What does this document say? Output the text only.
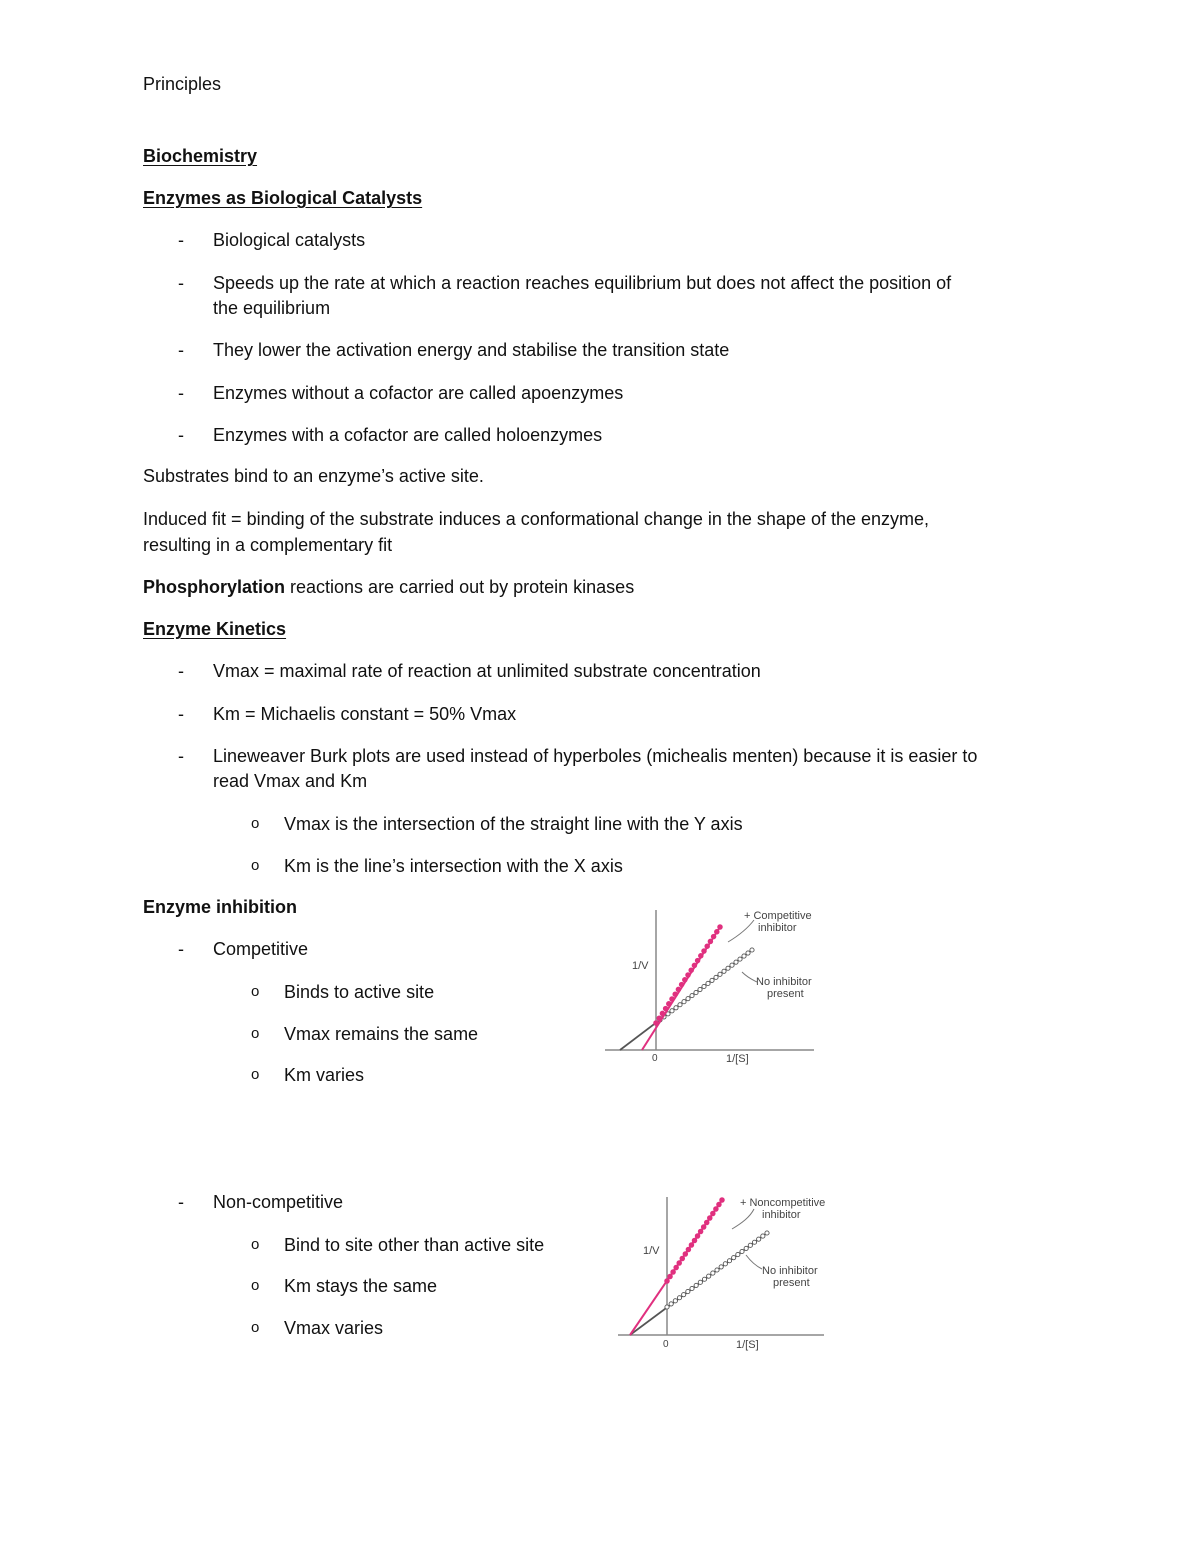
Principles
Biochemistry
Enzymes as Biological Catalysts
- Biological catalysts
- Speeds up the rate at which a reaction reaches equilibrium but does not affect the position of
the equilibrium
- They lower the activation energy and stabilise the transition state
- Enzymes without a cofactor are called apoenzymes
- Enzymes with a cofactor are called holoenzymes
Substrates bind to an enzyme’s active site.
Induced fit = binding of the substrate induces a conformational change in the shape of the enzyme,
resulting in a complementary fit
Phosphorylation reactions are carried out by protein kinases
Enzyme Kinetics
- Vmax = maximal rate of reaction at unlimited substrate concentration
- Km = Michaelis constant = 50% Vmax
- Lineweaver Burk plots are used instead of hyperboles (michealis menten) because it is easier to
read Vmax and Km
o Vmax is the intersection of the straight line with the Y axis
o Km is the line’s intersection with the X axis
Enzyme inhibition
- Competitive
o Binds to active site
o Vmax remains the same
o Km varies
- Non-competitive
o Bind to site other than active site
o Km stays the same
o Vmax varies
+ Competitive
inhibitor
No inhibitor
present
1/V
1/[S]
0
+ Noncompetitive
inhibitor
No inhibitor
present
1/V
1/[S]
0
